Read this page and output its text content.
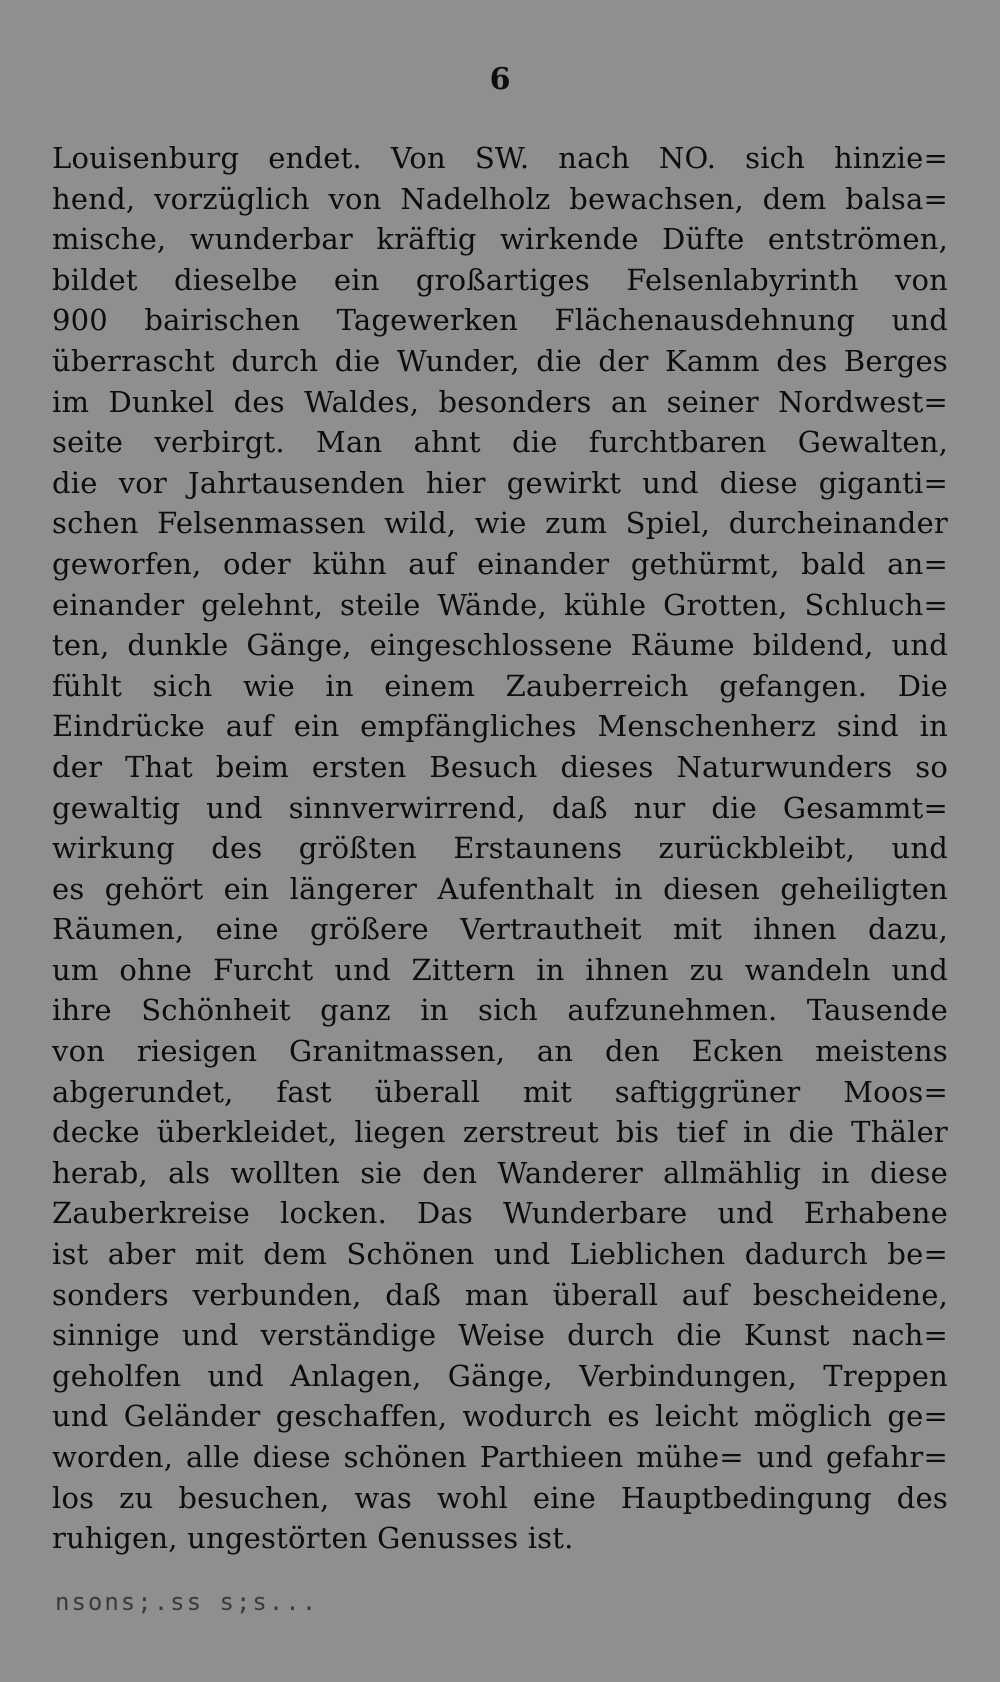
6
Louisenburg endet. Von SW. nach NO. sich hinzie=
hend, vorzüglich von Nadelholz bewachsen, dem balsa=
mische, wunderbar kräftig wirkende Düfte entströmen,
bildet dieselbe ein großartiges Felsenlabyrinth von
900 bairischen Tagewerken Flächenausdehnung und
überrascht durch die Wunder, die der Kamm des Berges
im Dunkel des Waldes, besonders an seiner Nordwest=
seite verbirgt. Man ahnt die furchtbaren Gewalten,
die vor Jahrtausenden hier gewirkt und diese giganti=
schen Felsenmassen wild, wie zum Spiel, durcheinander
geworfen, oder kühn auf einander gethürmt, bald an=
einander gelehnt, steile Wände, kühle Grotten, Schluch=
ten, dunkle Gänge, eingeschlossene Räume bildend, und
fühlt sich wie in einem Zauberreich gefangen. Die
Eindrücke auf ein empfängliches Menschenherz sind in
der That beim ersten Besuch dieses Naturwunders so
gewaltig und sinnverwirrend, daß nur die Gesammt=
wirkung des größten Erstaunens zurückbleibt, und
es gehört ein längerer Aufenthalt in diesen geheiligten
Räumen, eine größere Vertrautheit mit ihnen dazu,
um ohne Furcht und Zittern in ihnen zu wandeln und
ihre Schönheit ganz in sich aufzunehmen. Tausende
von riesigen Granitmassen, an den Ecken meistens
abgerundet, fast überall mit saftiggrüner Moos=
decke überkleidet, liegen zerstreut bis tief in die Thäler
herab, als wollten sie den Wanderer allmählig in diese
Zauberkreise locken. Das Wunderbare und Erhabene
ist aber mit dem Schönen und Lieblichen dadurch be=
sonders verbunden, daß man überall auf bescheidene,
sinnige und verständige Weise durch die Kunst nach=
geholfen und Anlagen, Gänge, Verbindungen, Treppen
und Geländer geschaffen, wodurch es leicht möglich ge=
worden, alle diese schönen Parthieen mühe= und gefahr=
los zu besuchen, was wohl eine Hauptbedingung des
ruhigen, ungestörten Genusses ist.
nsons;.ss s;s...
